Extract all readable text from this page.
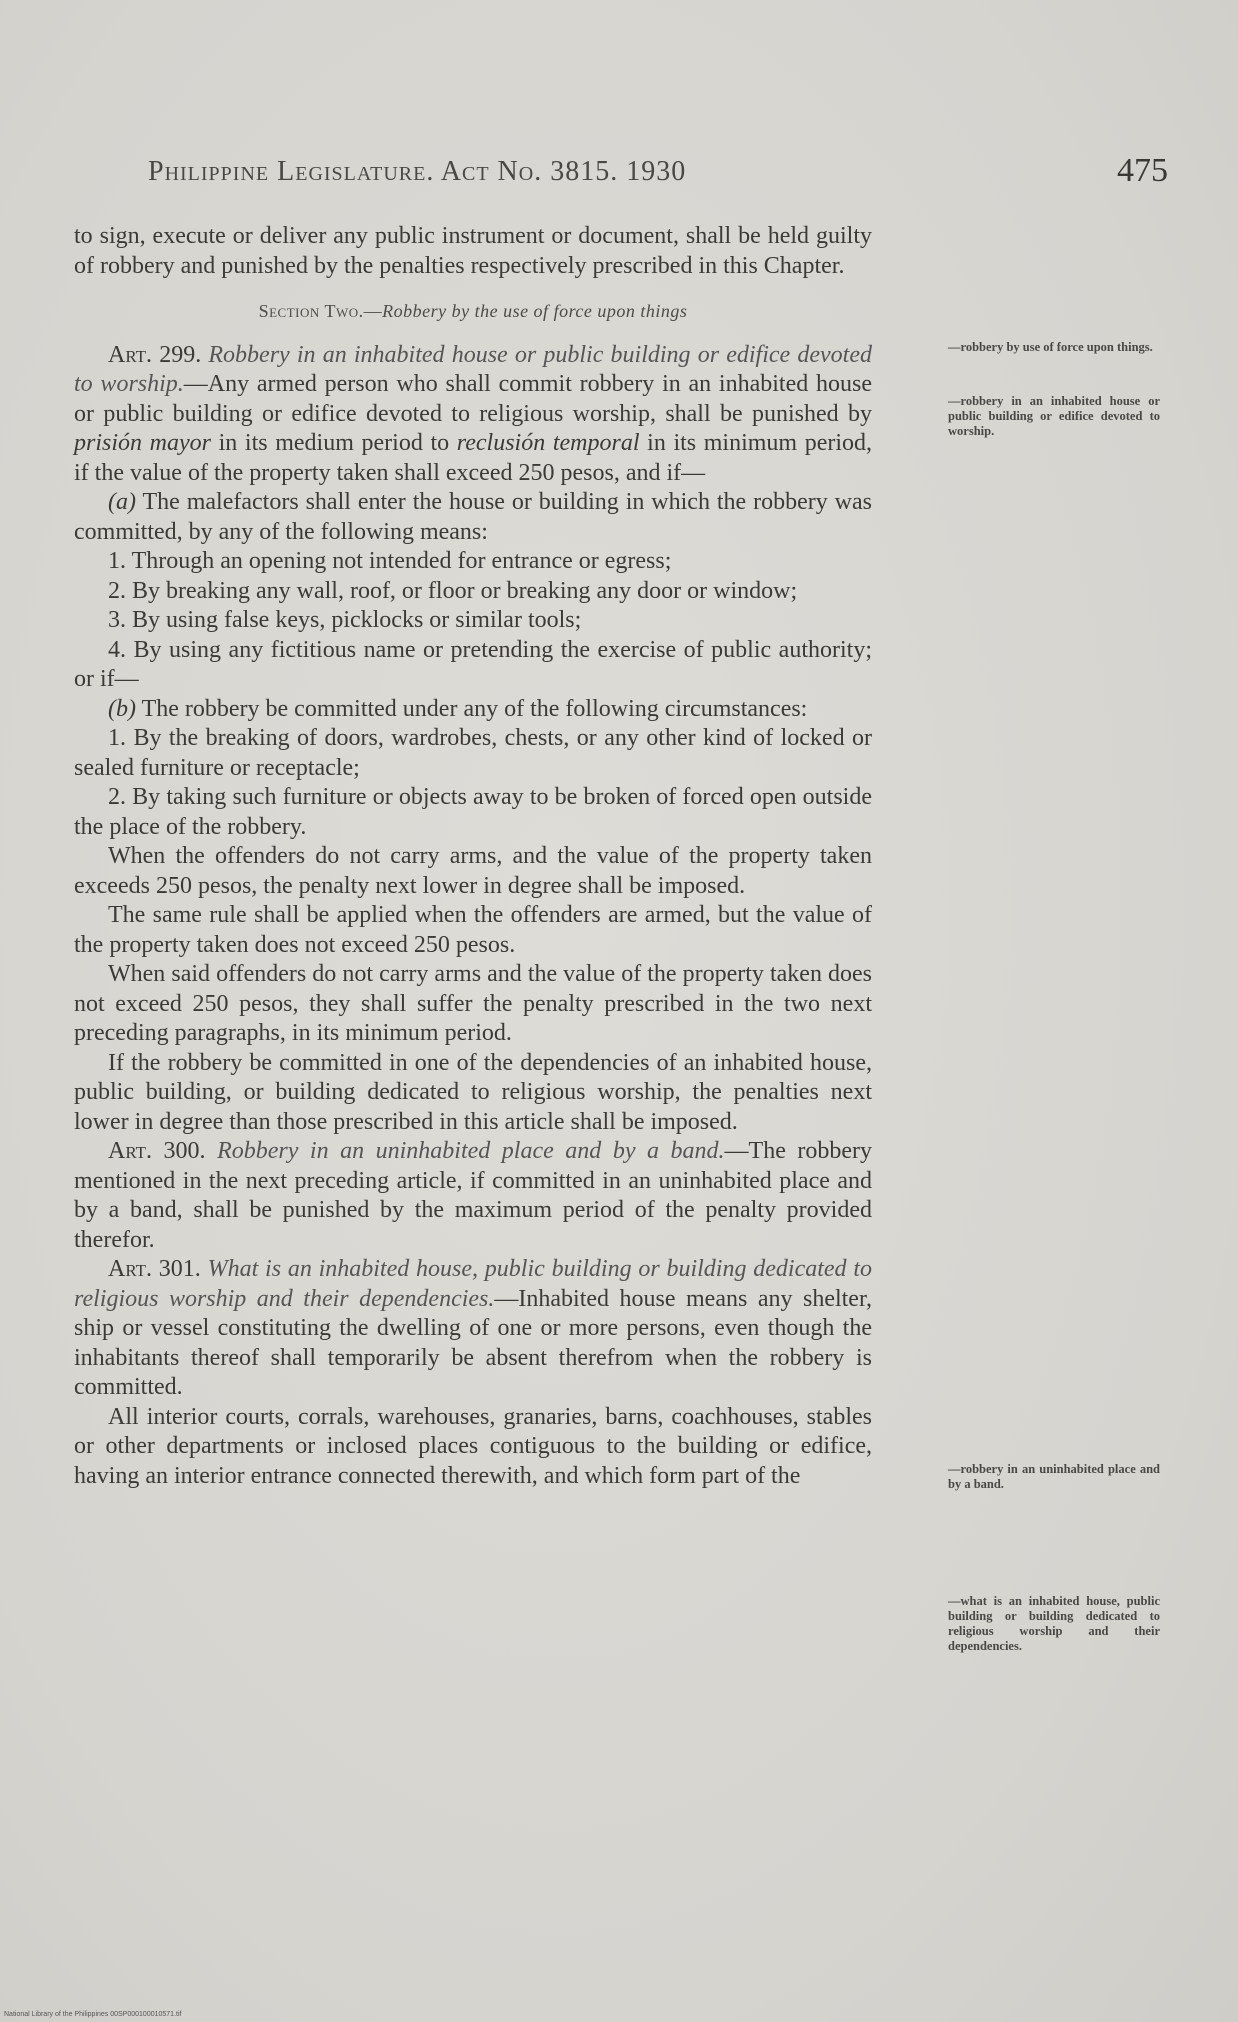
Philippine Legislature. Act No. 3815. 1930	475

to sign, execute or deliver any public instrument or document, shall be held guilty of robbery and punished by the penalties respectively prescribed in this Chapter.

Section Two.—Robbery by the use of force upon things

Art. 299. Robbery in an inhabited house or public building or edifice devoted to worship.—Any armed person who shall commit robbery in an inhabited house or public building or edifice devoted to religious worship, shall be punished by prisión mayor in its medium period to reclusión temporal in its minimum period, if the value of the property taken shall exceed 250 pesos, and if—

(a) The malefactors shall enter the house or building in which the robbery was committed, by any of the following means:

1. Through an opening not intended for entrance or egress;

2. By breaking any wall, roof, or floor or breaking any door or window;

3. By using false keys, picklocks or similar tools;

4. By using any fictitious name or pretending the exercise of public authority; or if—

(b) The robbery be committed under any of the following circumstances:

1. By the breaking of doors, wardrobes, chests, or any other kind of locked or sealed furniture or receptacle;

2. By taking such furniture or objects away to be broken of forced open outside the place of the robbery.

When the offenders do not carry arms, and the value of the property taken exceeds 250 pesos, the penalty next lower in degree shall be imposed.

The same rule shall be applied when the offenders are armed, but the value of the property taken does not exceed 250 pesos.

When said offenders do not carry arms and the value of the property taken does not exceed 250 pesos, they shall suffer the penalty prescribed in the two next preceding paragraphs, in its minimum period.

If the robbery be committed in one of the dependencies of an inhabited house, public building, or building dedicated to religious worship, the penalties next lower in degree than those prescribed in this article shall be imposed.

Art. 300. Robbery in an uninhabited place and by a band.—The robbery mentioned in the next preceding article, if committed in an uninhabited place and by a band, shall be punished by the maximum period of the penalty provided therefor.

Art. 301. What is an inhabited house, public building or building dedicated to religious worship and their dependencies.—Inhabited house means any shelter, ship or vessel constituting the dwelling of one or more persons, even though the inhabitants thereof shall temporarily be absent therefrom when the robbery is committed.

All interior courts, corrals, warehouses, granaries, barns, coachhouses, stables or other departments or inclosed places contiguous to the building or edifice, having an interior entrance connected therewith, and which form part of the

—robbery by use of force upon things.
—robbery in an inhabited house or public building or edifice devoted to worship.
—robbery in an uninhabited place and by a band.
—what is an inhabited house, public building or building dedicated to religious worship and their dependencies.
National Library of the Philippines 00SP000100010571.tif
